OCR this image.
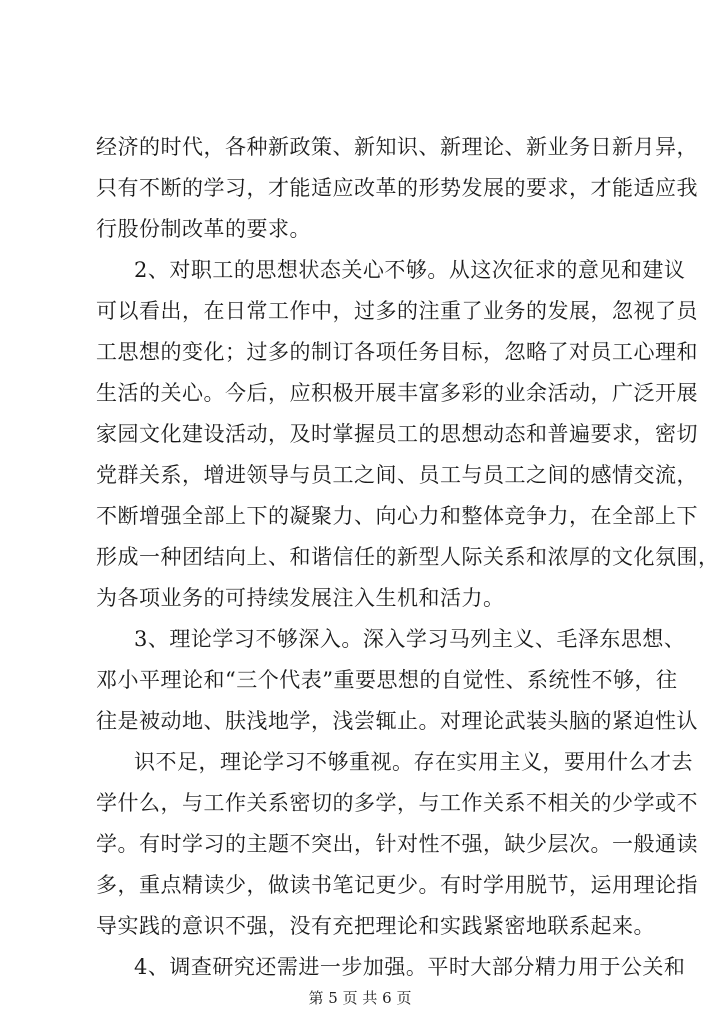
经济的时代，各种新政策、新知识、新理论、新业务日新月异，
只有不断的学习，才能适应改革的形势发展的要求，才能适应我
行股份制改革的要求。
2、对职工的思想状态关心不够。从这次征求的意见和建议
可以看出，在日常工作中，过多的注重了业务的发展，忽视了员
工思想的变化；过多的制订各项任务目标，忽略了对员工心理和
生活的关心。今后，应积极开展丰富多彩的业余活动，广泛开展
家园文化建设活动，及时掌握员工的思想动态和普遍要求，密切
党群关系，增进领导与员工之间、员工与员工之间的感情交流，
不断增强全部上下的凝聚力、向心力和整体竞争力，在全部上下
形成一种团结向上、和谐信任的新型人际关系和浓厚的文化氛围，
为各项业务的可持续发展注入生机和活力。
3、理论学习不够深入。深入学习马列主义、毛泽东思想、
邓小平理论和“三个代表”重要思想的自觉性、系统性不够，往
往是被动地、肤浅地学，浅尝辄止。对理论武装头脑的紧迫性认
识不足，理论学习不够重视。存在实用主义，要用什么才去
学什么，与工作关系密切的多学，与工作关系不相关的少学或不
学。有时学习的主题不突出，针对性不强，缺少层次。一般通读
多，重点精读少，做读书笔记更少。有时学用脱节，运用理论指
导实践的意识不强，没有充把理论和实践紧密地联系起来。
4、调查研究还需进一步加强。平时大部分精力用于公关和
第 5 页 共 6 页
